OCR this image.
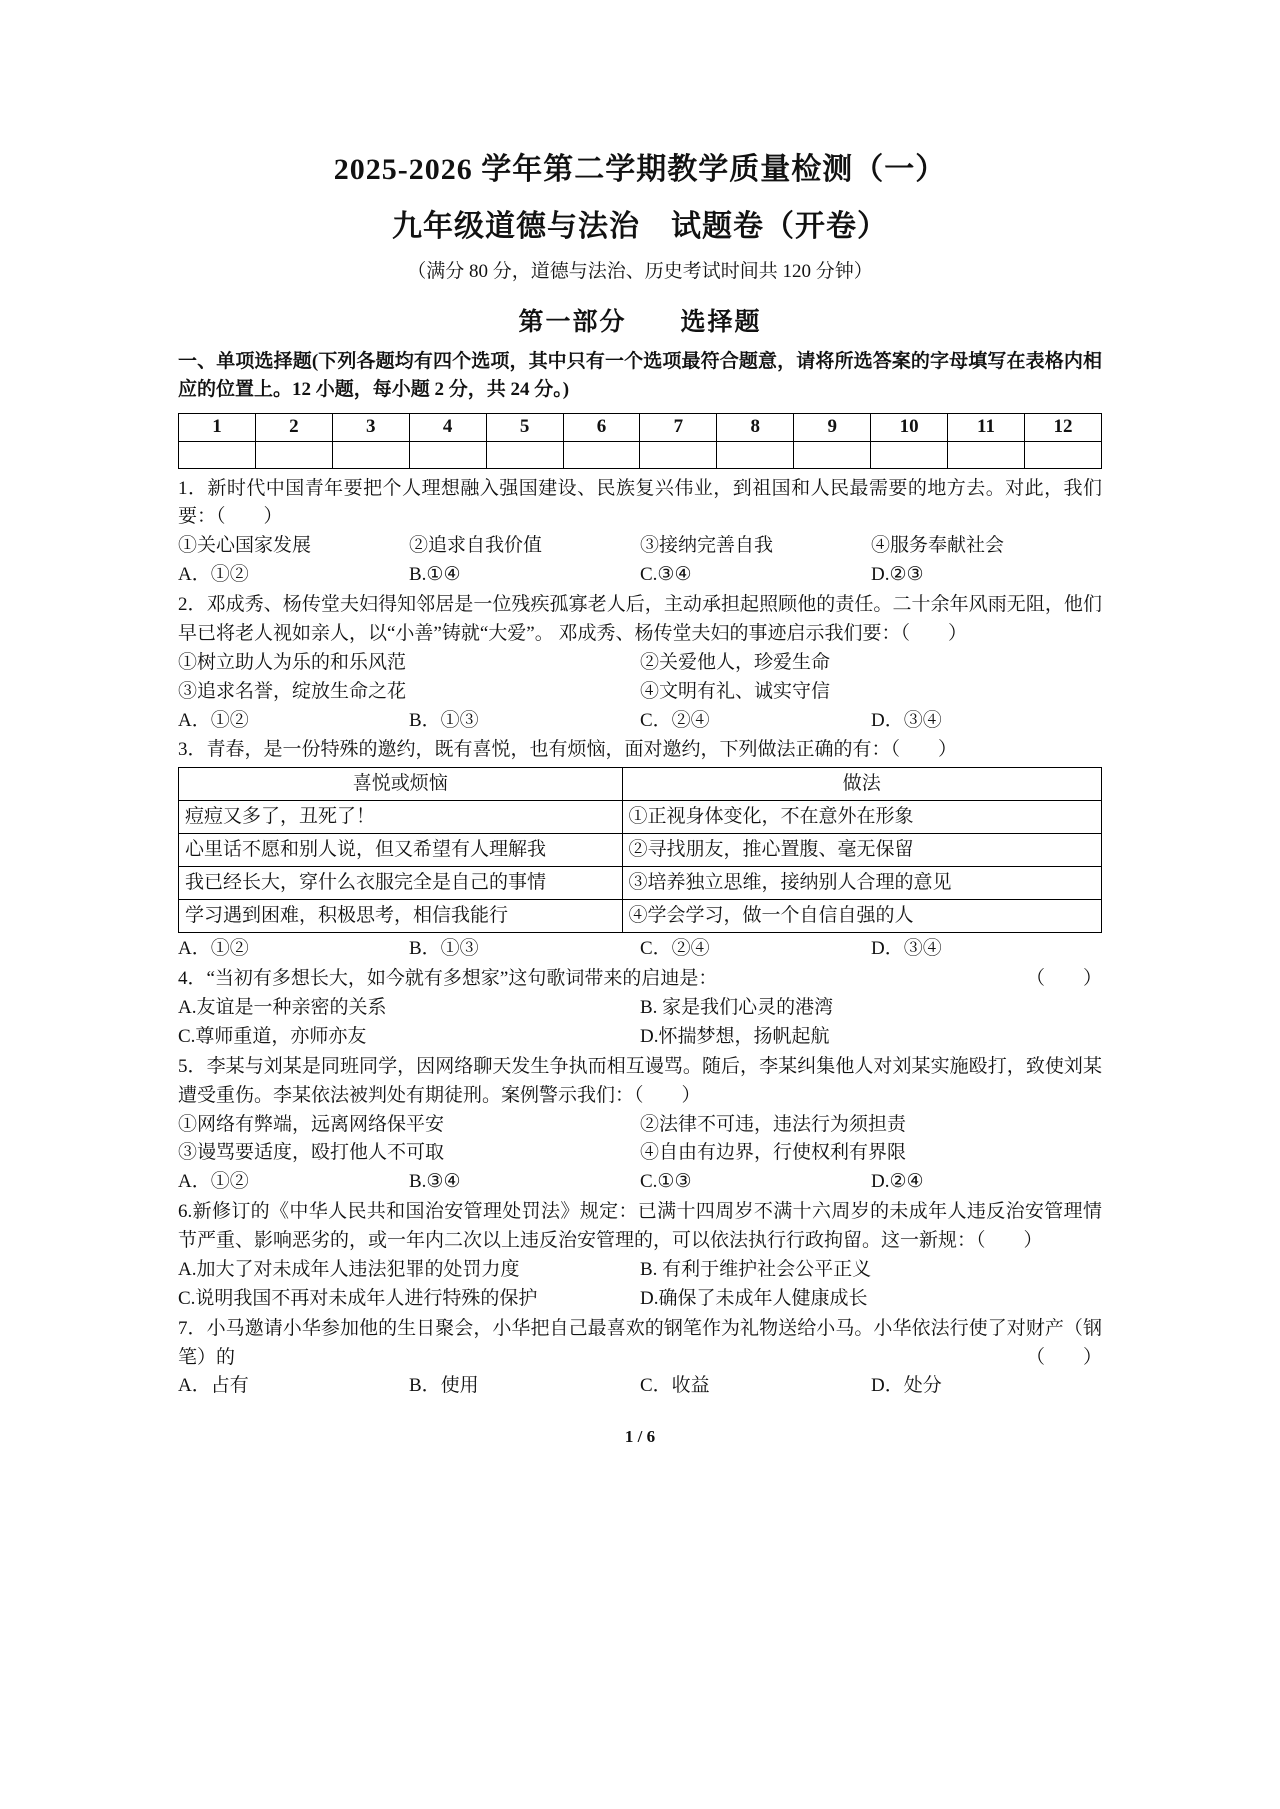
2025-2026 学年第二学期教学质量检测（一）
九年级道德与法治　试题卷（开卷）
（满分 80 分，道德与法治、历史考试时间共 120 分钟）
第一部分　　选择题
一、单项选择题(下列各题均有四个选项，其中只有一个选项最符合题意，请将所选答案的字母填写在表格内相应的位置上。12 小题，每小题 2 分，共 24 分。)
1	2	3	4	5	6	7	8	9	10	11	12

1．新时代中国青年要把个人理想融入强国建设、民族复兴伟业，到祖国和人民最需要的地方去。对此，我们要：（　　）
①关心国家发展	②追求自我价值	③接纳完善自我	④服务奉献社会
A．①②	B.①④	C.③④	D.②③
2．邓成秀、杨传堂夫妇得知邻居是一位残疾孤寡老人后，主动承担起照顾他的责任。二十余年风雨无阻，他们早已将老人视如亲人，以“小善”铸就“大爱”。 邓成秀、杨传堂夫妇的事迹启示我们要：（　　）
①树立助人为乐的和乐风范	②关爱他人，珍爱生命
③追求名誉，绽放生命之花	④文明有礼、诚实守信
A．①②	B．①③	C．②④	D．③④
3．青春，是一份特殊的邀约，既有喜悦，也有烦恼，面对邀约，下列做法正确的有：（　　）
喜悦或烦恼	做法
痘痘又多了，丑死了！	①正视身体变化，不在意外在形象
心里话不愿和别人说，但又希望有人理解我	②寻找朋友，推心置腹、毫无保留
我已经长大，穿什么衣服完全是自己的事情	③培养独立思维，接纳别人合理的意见
学习遇到困难，积极思考，相信我能行	④学会学习，做一个自信自强的人
A．①②	B．①③	C．②④	D．③④
4．“当初有多想长大，如今就有多想家”这句歌词带来的启迪是：	（　　）
A.友谊是一种亲密的关系	B. 家是我们心灵的港湾
C.尊师重道，亦师亦友	D.怀揣梦想，扬帆起航
5．李某与刘某是同班同学，因网络聊天发生争执而相互谩骂。随后，李某纠集他人对刘某实施殴打，致使刘某遭受重伤。李某依法被判处有期徒刑。案例警示我们：（　　）
①网络有弊端，远离网络保平安	②法律不可违，违法行为须担责
③谩骂要适度，殴打他人不可取	④自由有边界，行使权利有界限
A．①②	B.③④	C.①③	D.②④
6.新修订的《中华人民共和国治安管理处罚法》规定：已满十四周岁不满十六周岁的未成年人违反治安管理情节严重、影响恶劣的，或一年内二次以上违反治安管理的，可以依法执行行政拘留。这一新规：（　　）
A.加大了对未成年人违法犯罪的处罚力度	B. 有利于维护社会公平正义
C.说明我国不再对未成年人进行特殊的保护	D.确保了未成年人健康成长
7．小马邀请小华参加他的生日聚会，小华把自己最喜欢的钢笔作为礼物送给小马。小华依法行使了对财产（钢笔）的	（　　）
A．占有	B．使用	C．收益	D．处分
1 / 6
